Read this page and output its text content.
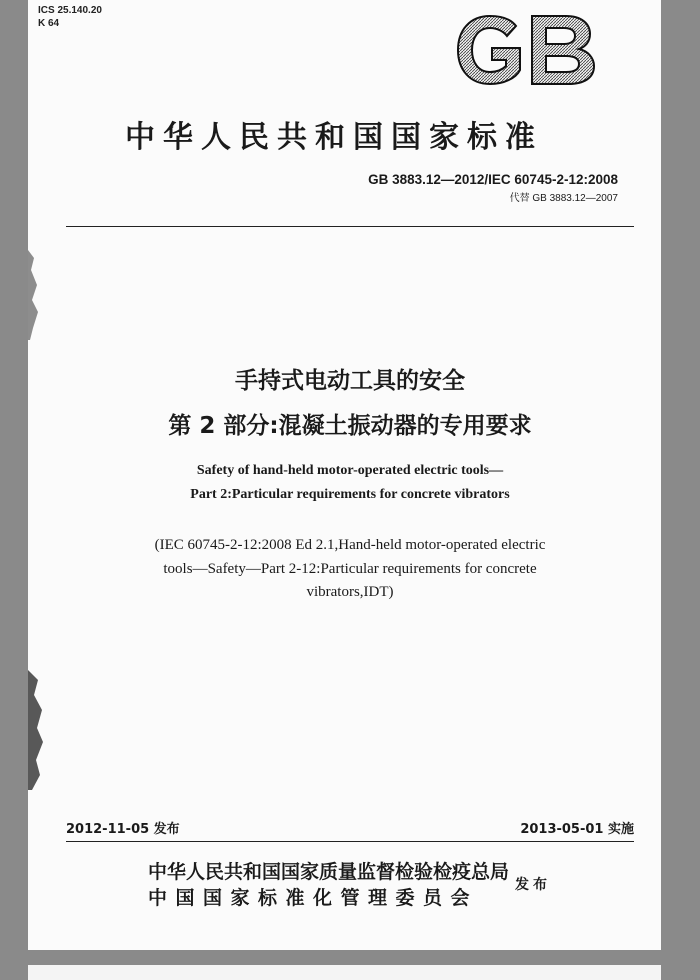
ICS 25.140.20
K 64
GB
中华人民共和国国家标准
GB 3883.12—2012/IEC 60745-2-12:2008
代替 GB 3883.12—2007
手持式电动工具的安全
第 2 部分:混凝土振动器的专用要求
Safety of hand-held motor-operated electric tools—
Part 2:Particular requirements for concrete vibrators
(IEC 60745-2-12:2008 Ed 2.1,Hand-held motor-operated electric
tools—Safety—Part 2-12:Particular requirements for concrete
vibrators,IDT)
2012-11-05 发布	2013-05-01 实施
中华人民共和国国家质量监督检验检疫总局
中国国家标准化管理委员会
发布
